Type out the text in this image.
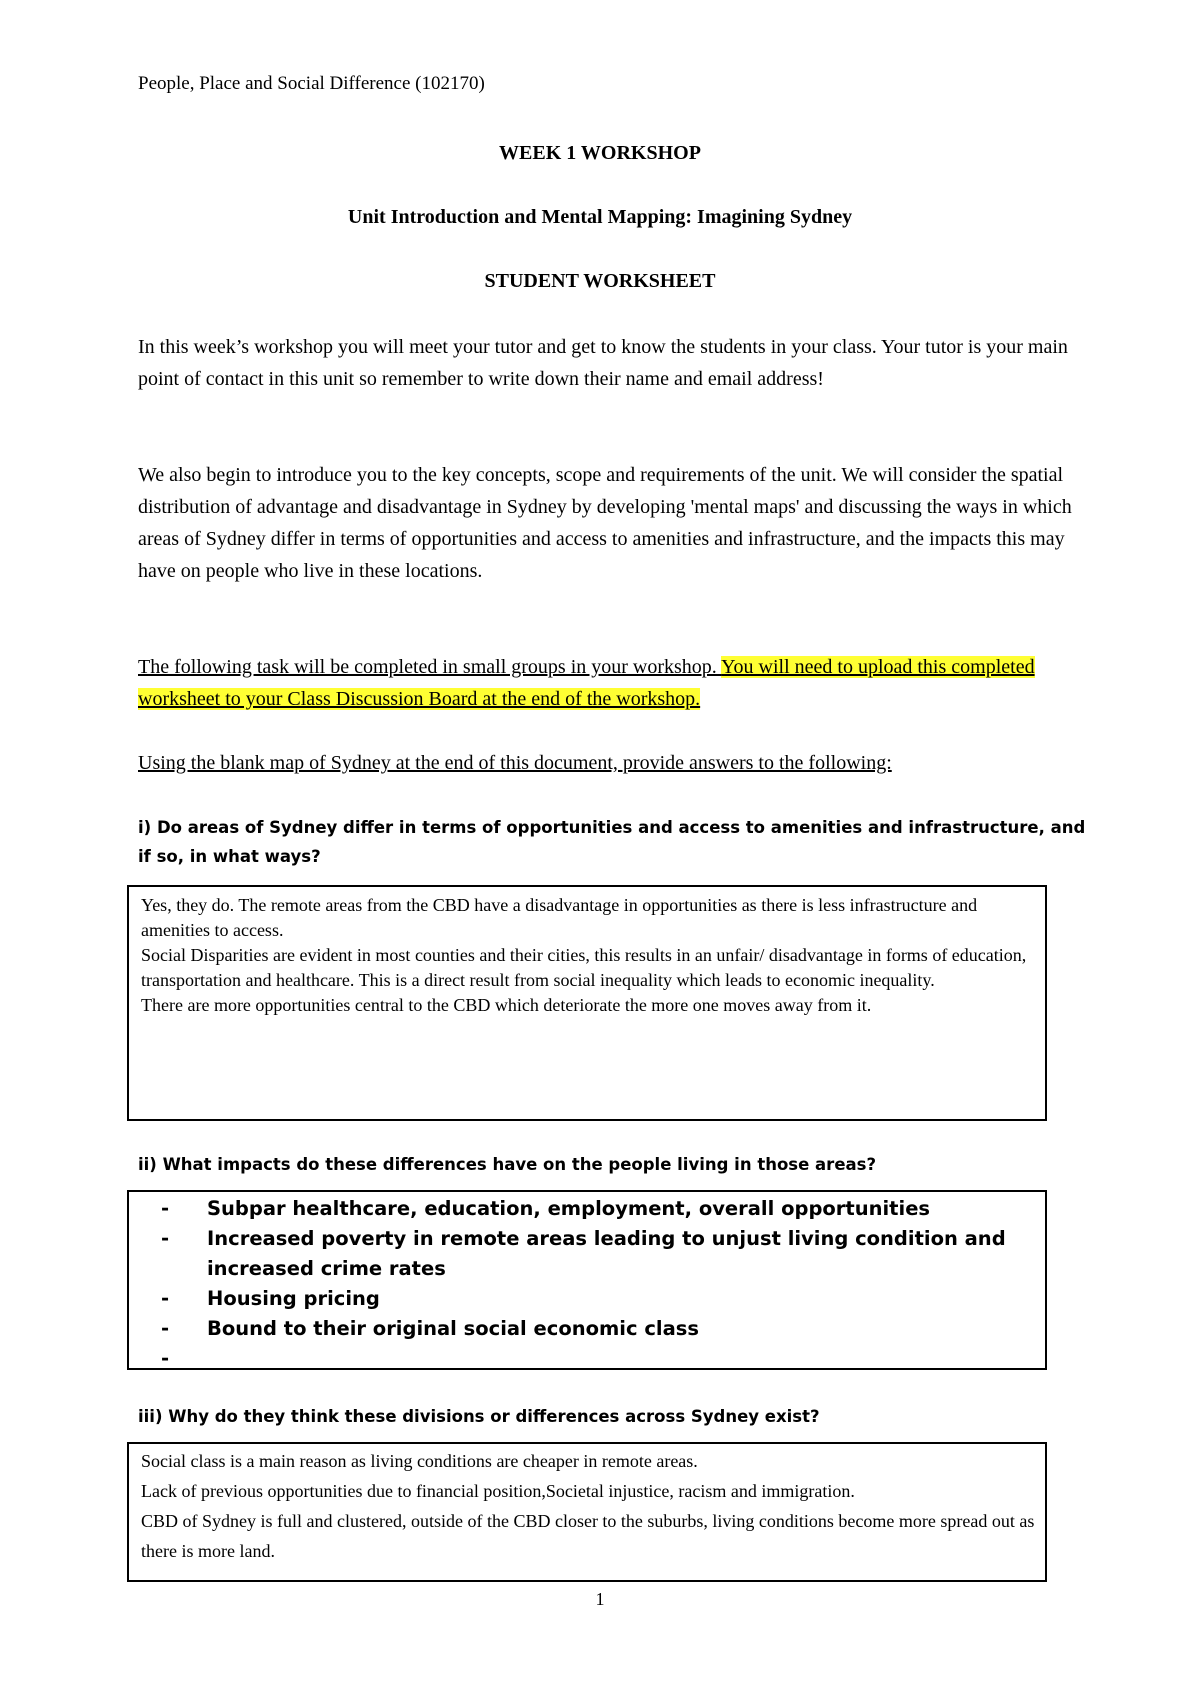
People, Place and Social Difference (102170)
WEEK 1 WORKSHOP
Unit Introduction and Mental Mapping: Imagining Sydney
STUDENT WORKSHEET

In this week’s workshop you will meet your tutor and get to know the students in your class. Your tutor is your main point of contact in this unit so remember to write down their name and email address!

We also begin to introduce you to the key concepts, scope and requirements of the unit. We will consider the spatial distribution of advantage and disadvantage in Sydney by developing 'mental maps' and discussing the ways in which areas of Sydney differ in terms of opportunities and access to amenities and infrastructure, and the impacts this may have on people who live in these locations.

The following task will be completed in small groups in your workshop. You will need to upload this completed worksheet to your Class Discussion Board at the end of the workshop.

Using the blank map of Sydney at the end of this document, provide answers to the following:
i) Do areas of Sydney differ in terms of opportunities and access to amenities and infrastructure, and if so, in what ways?

Yes, they do. The remote areas from the CBD have a disadvantage in opportunities as there is less infrastructure and amenities to access.

Social Disparities are evident in most counties and their cities, this results in an unfair/ disadvantage in forms of education, transportation and healthcare. This is a direct result from social inequality which leads to economic inequality.

There are more opportunities central to the CBD which deteriorate the more one moves away from it.

ii) What impacts do these differences have on the people living in those areas?
- Subpar healthcare, education, employment, overall opportunities
- Increased poverty in remote areas leading to unjust living condition and increased crime rates
- Housing pricing
- Bound to their original social economic class
-
iii) Why do they think these divisions or differences across Sydney exist?

Social class is a main reason as living conditions are cheaper in remote areas.

Lack of previous opportunities due to financial position,Societal injustice, racism and immigration.

CBD of Sydney is full and clustered, outside of the CBD closer to the suburbs, living conditions become more spread out as there is more land.

1
